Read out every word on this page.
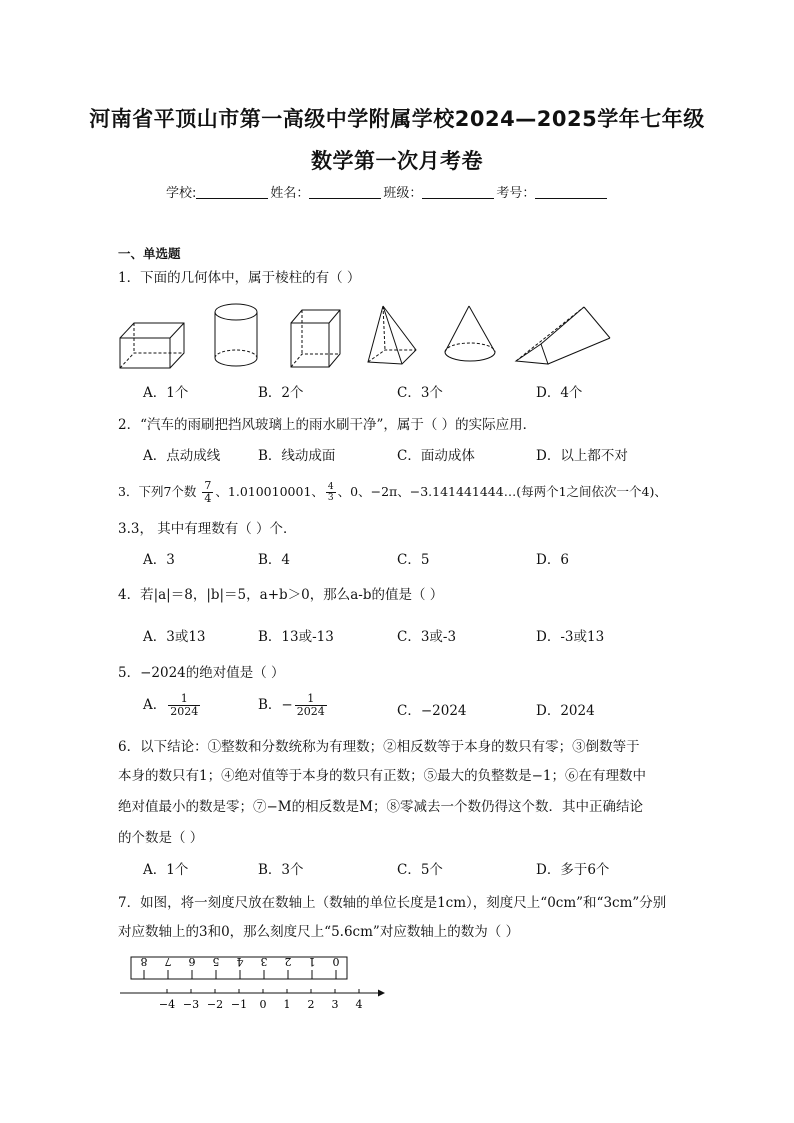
河南省平顶山市第一高级中学附属学校2024—2025学年七年级
数学第一次月考卷
学校:	姓名：	班级：	考号：
一、单选题
1．下面的几何体中，属于棱柱的有（ ）
A．1个	B．2个	C．3个	D．4个
2．“汽车的雨刷把挡风玻璃上的雨水刷干净”，属于（ ）的实际应用．
A．点动成线	B．线动成面	C．面动成体	D．以上都不对
3．下列7个数 $\frac{7}{4}$ 、1.010010001、 $\frac{4}{3}$ 、0、−2π、−3.141441444…(每两个1之间依次一个4)、
3.3， 其中有理数有（ ）个．
A．3	B．4	C．5	D．6
4．若|a|＝8，|b|＝5，a+b＞0，那么a-b的值是（ ）
A．3或13	B．13或-13	C．3或-3	D．-3或13
5．−2024的绝对值是（ ）
A． $\frac{1}{2024}$	B．− $\frac{1}{2024}$	C．−2024	D．2024
6．以下结论：①整数和分数统称为有理数；②相反数等于本身的数只有零；③倒数等于
本身的数只有1；④绝对值等于本身的数只有正数；⑤最大的负整数是−1；⑥在有理数中
绝对值最小的数是零；⑦−M的相反数是M；⑧零减去一个数仍得这个数．其中正确结论
的个数是（ ）
A．1个	B．3个	C．5个	D．多于6个
7．如图，将一刻度尺放在数轴上（数轴的单位长度是1cm），刻度尺上“0cm”和“3cm”分别
对应数轴上的3和0，那么刻度尺上“5.6cm”对应数轴上的数为（ ）
8 7 6 5 4 3 2 1 0
−4 −3 −2 −1 0 1 2 3 4
